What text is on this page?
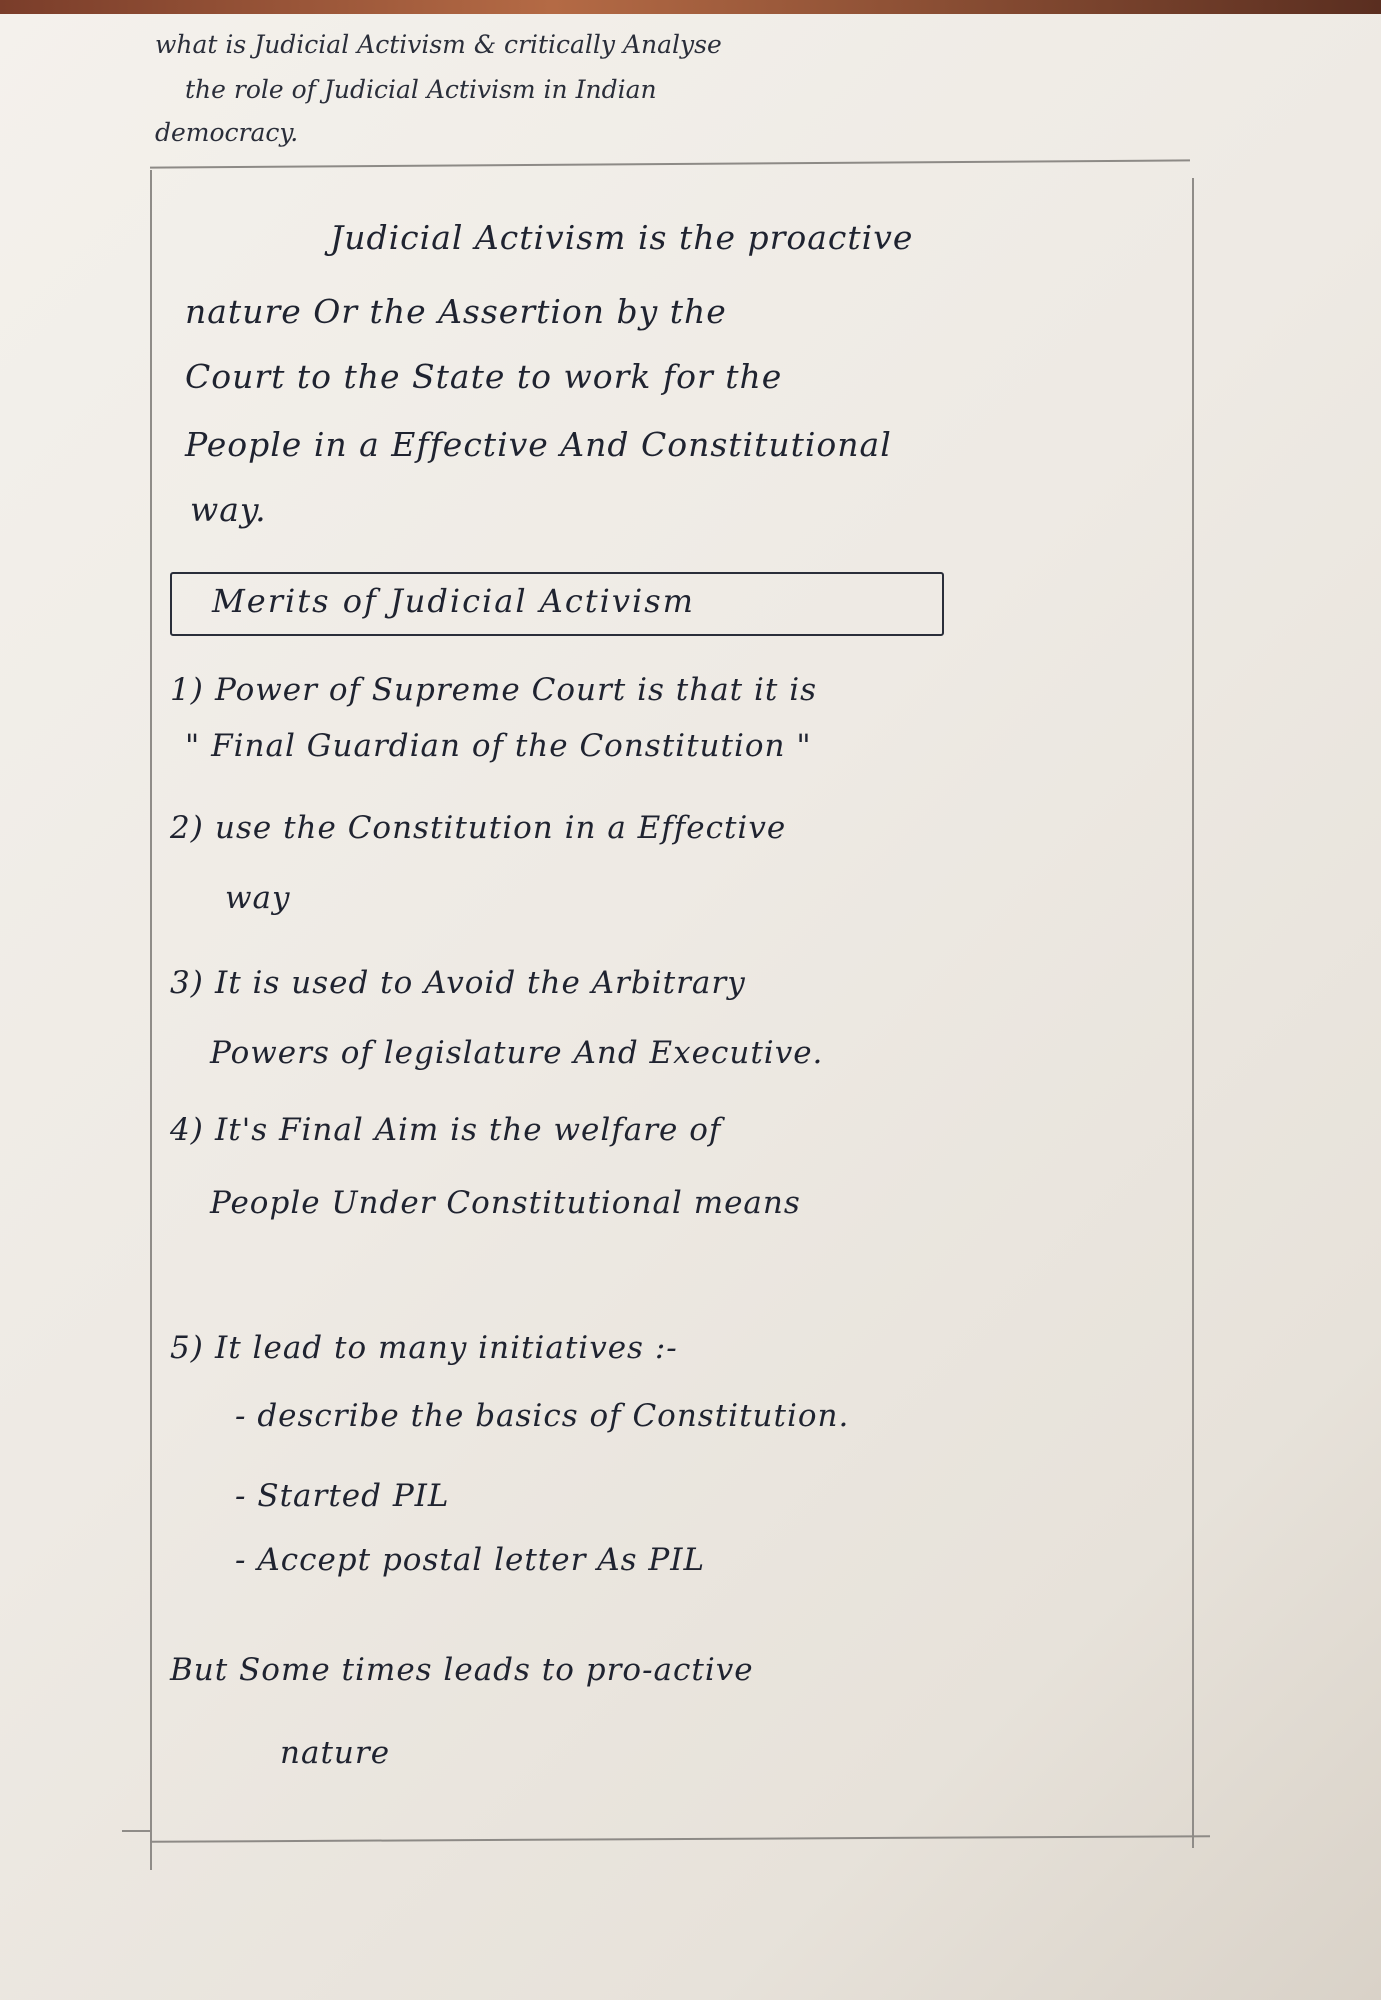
what is Judicial Activism & critically Analyse

the role of Judicial Activism in Indian

democracy.

Judicial Activism is the proactive

nature Or the Assertion by the

Court to the State to work for the

People in a Effective And Constitutional

way.

Merits of Judicial Activism

1) Power of Supreme Court is that it is

" Final Guardian of the Constitution "

2) use the Constitution in a Effective

way

3) It is used to Avoid the Arbitrary

Powers of legislature And Executive.

4) It's Final Aim is the welfare of

People Under Constitutional means

5) It lead to many initiatives :-

- describe the basics of Constitution.

- Started PIL

- Accept postal letter As PIL

But Some times leads to pro-active

nature
